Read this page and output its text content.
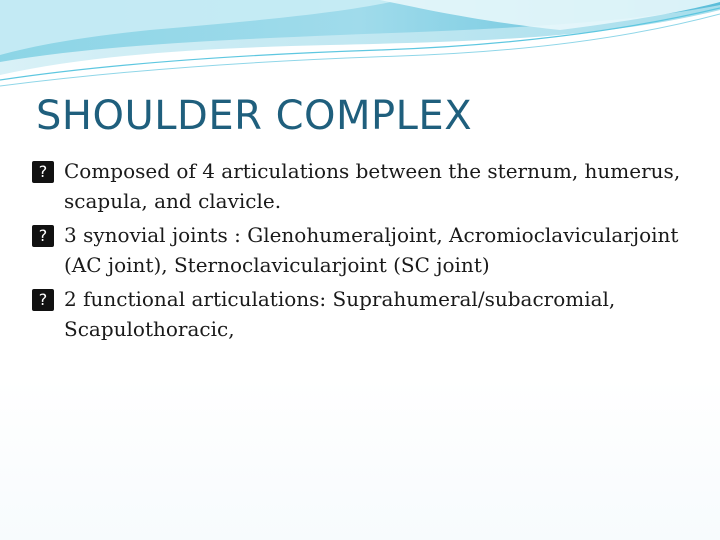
SHOULDER COMPLEX
? Composed of 4 articulations between the sternum, humerus, scapula, and clavicle.
? 3 synovial joints : Glenohumeraljoint, Acromioclavicularjoint (AC joint), Sternoclavicularjoint (SC joint)
? 2 functional articulations: Suprahumeral/subacromial, Scapulothoracic,
